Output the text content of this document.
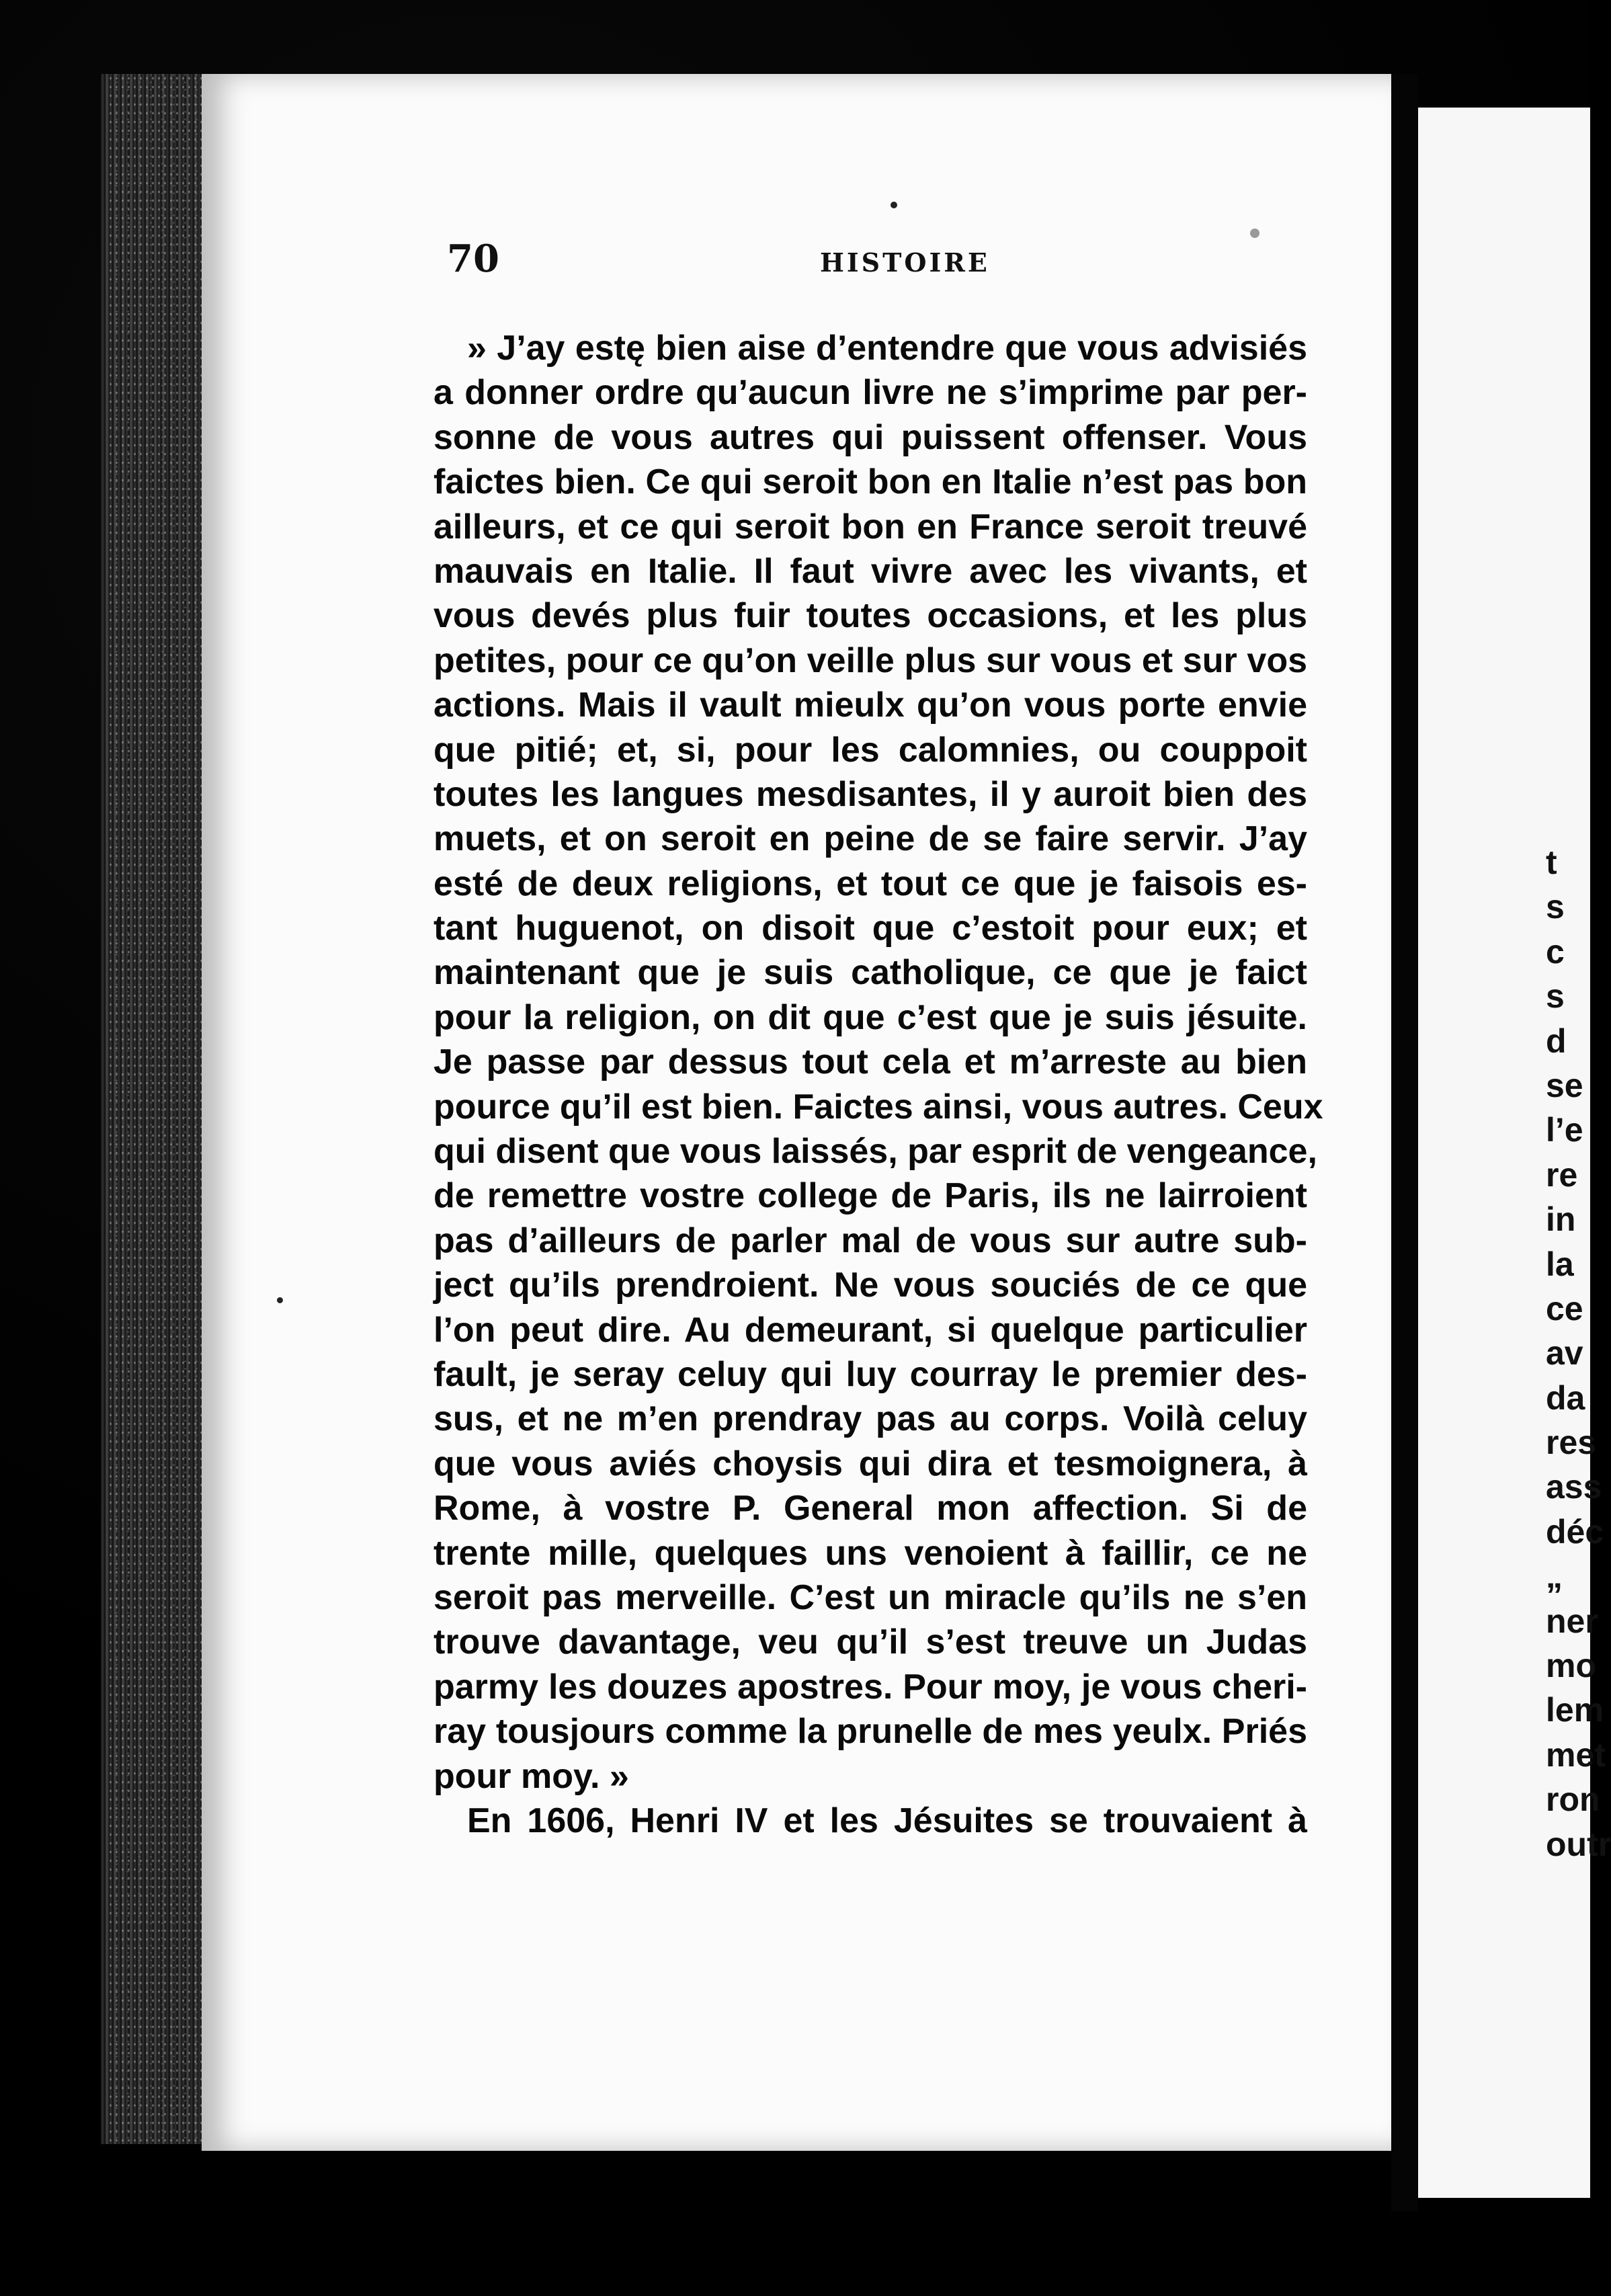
70	HISTOIRE
» J’ay estę bien aise d’entendre que vous advisiés
a donner ordre qu’aucun livre ne s’imprime par per-
sonne de vous autres qui puissent offenser. Vous
faictes bien. Ce qui seroit bon en Italie n’est pas bon
ailleurs, et ce qui seroit bon en France seroit treuvé
mauvais en Italie. Il faut vivre avec les vivants, et
vous devés plus fuir toutes occasions, et les plus
petites, pour ce qu’on veille plus sur vous et sur vos
actions. Mais il vault mieulx qu’on vous porte envie
que pitié; et, si, pour les calomnies, ou couppoit
toutes les langues mesdisantes, il y auroit bien des
muets, et on seroit en peine de se faire servir. J’ay
esté de deux religions, et tout ce que je faisois es-
tant huguenot, on disoit que c’estoit pour eux; et
maintenant que je suis catholique, ce que je faict
pour la religion, on dit que c’est que je suis jésuite.
Je passe par dessus tout cela et m’arreste au bien
pource qu’il est bien. Faictes ainsi, vous autres. Ceux
qui disent que vous laissés, par esprit de vengeance,
de remettre vostre college de Paris, ils ne lairroient
pas d’ailleurs de parler mal de vous sur autre sub-
ject qu’ils prendroient. Ne vous souciés de ce que
l’on peut dire. Au demeurant, si quelque particulier
fault, je seray celuy qui luy courray le premier des-
sus, et ne m’en prendray pas au corps. Voilà celuy
que vous aviés choysis qui dira et tesmoignera, à
Rome, à vostre P. General mon affection. Si de
trente mille, quelques uns venoient à faillir, ce ne
seroit pas merveille. C’est un miracle qu’ils ne s’en
trouve davantage, veu qu’il s’est treuve un Judas
parmy les douzes apostres. Pour moy, je vous cheri-
ray tousjours comme la prunelle de mes yeulx. Priés
pour moy. »
En 1606, Henri IV et les Jésuites se trouvaient à
t
s
c
s
d
se
l’e
re
in
la
ce
av
da
res
ass
déc
„
ner
mo
lem
met
ron
outr
